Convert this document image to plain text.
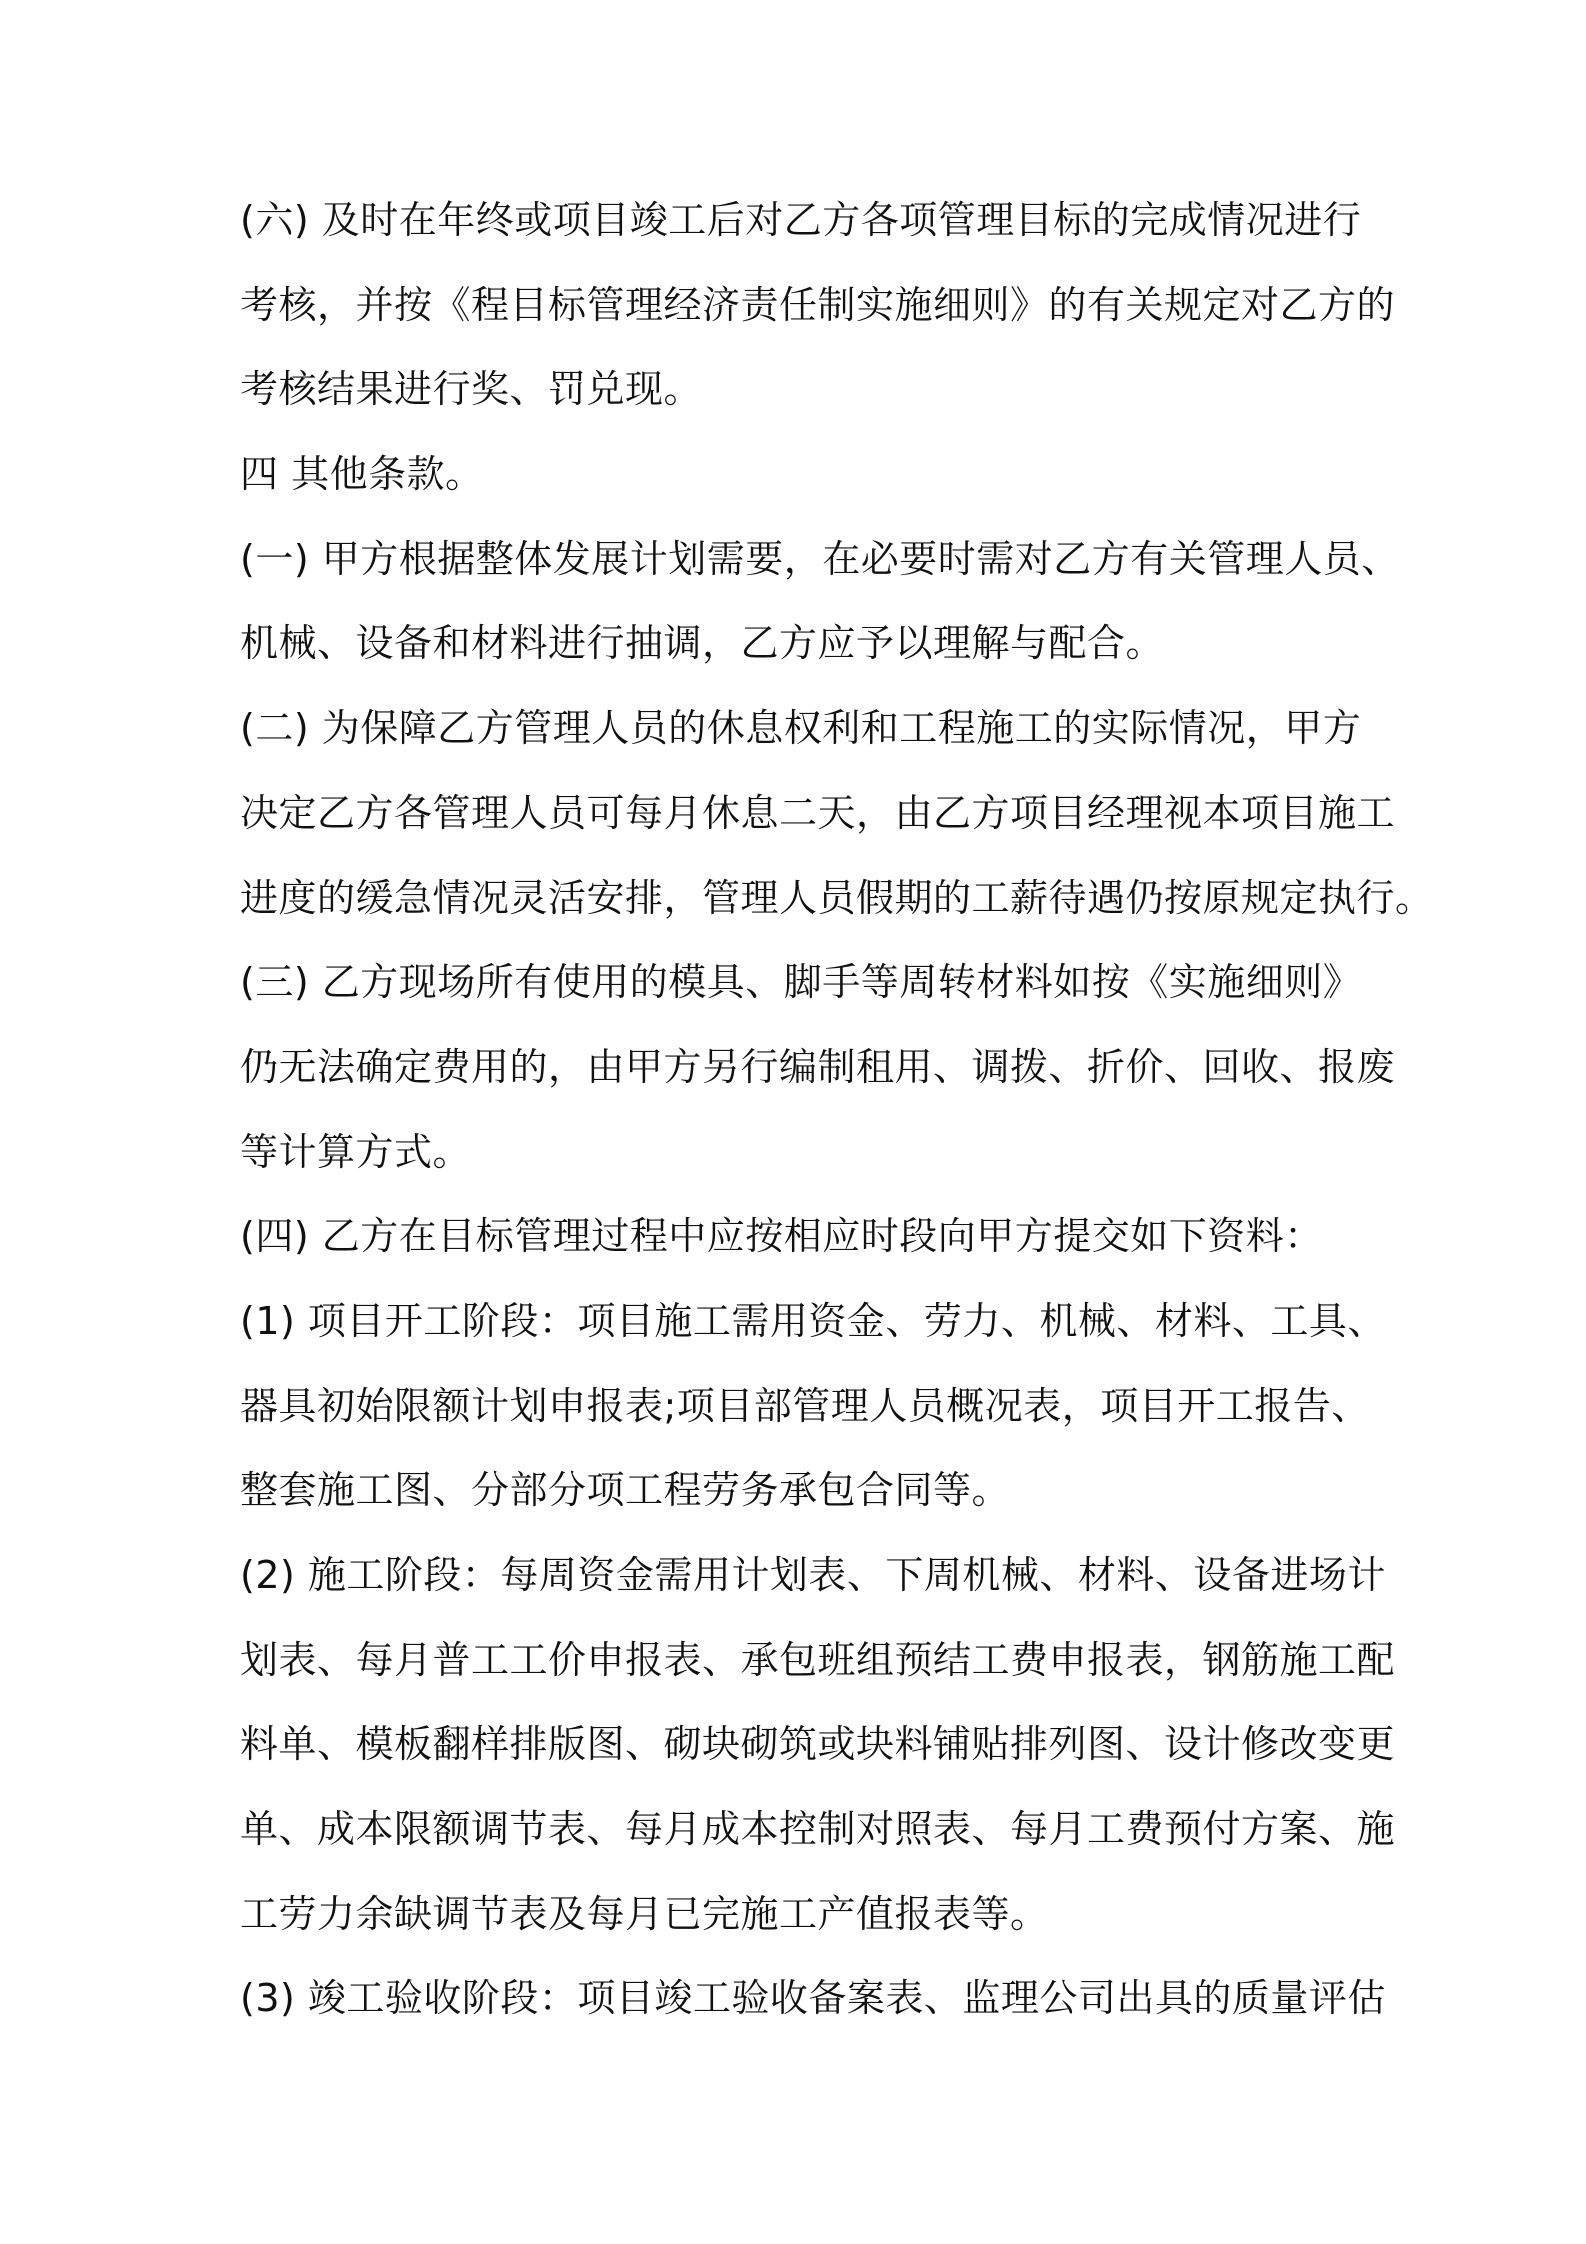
(六) 及时在年终或项目竣工后对乙方各项管理目标的完成情况进行
考核，并按《程目标管理经济责任制实施细则》的有关规定对乙方的
考核结果进行奖、罚兑现。
四 其他条款。
(一) 甲方根据整体发展计划需要，在必要时需对乙方有关管理人员、
机械、设备和材料进行抽调，乙方应予以理解与配合。
(二) 为保障乙方管理人员的休息权利和工程施工的实际情况，甲方
决定乙方各管理人员可每月休息二天，由乙方项目经理视本项目施工
进度的缓急情况灵活安排，管理人员假期的工薪待遇仍按原规定执行。
(三) 乙方现场所有使用的模具、脚手等周转材料如按《实施细则》
仍无法确定费用的，由甲方另行编制租用、调拨、折价、回收、报废
等计算方式。
(四) 乙方在目标管理过程中应按相应时段向甲方提交如下资料：
(1) 项目开工阶段：项目施工需用资金、劳力、机械、材料、工具、
器具初始限额计划申报表;项目部管理人员概况表，项目开工报告、
整套施工图、分部分项工程劳务承包合同等。
(2) 施工阶段：每周资金需用计划表、下周机械、材料、设备进场计
划表、每月普工工价申报表、承包班组预结工费申报表，钢筋施工配
料单、模板翻样排版图、砌块砌筑或块料铺贴排列图、设计修改变更
单、成本限额调节表、每月成本控制对照表、每月工费预付方案、施
工劳力余缺调节表及每月已完施工产值报表等。
(3) 竣工验收阶段：项目竣工验收备案表、监理公司出具的质量评估
